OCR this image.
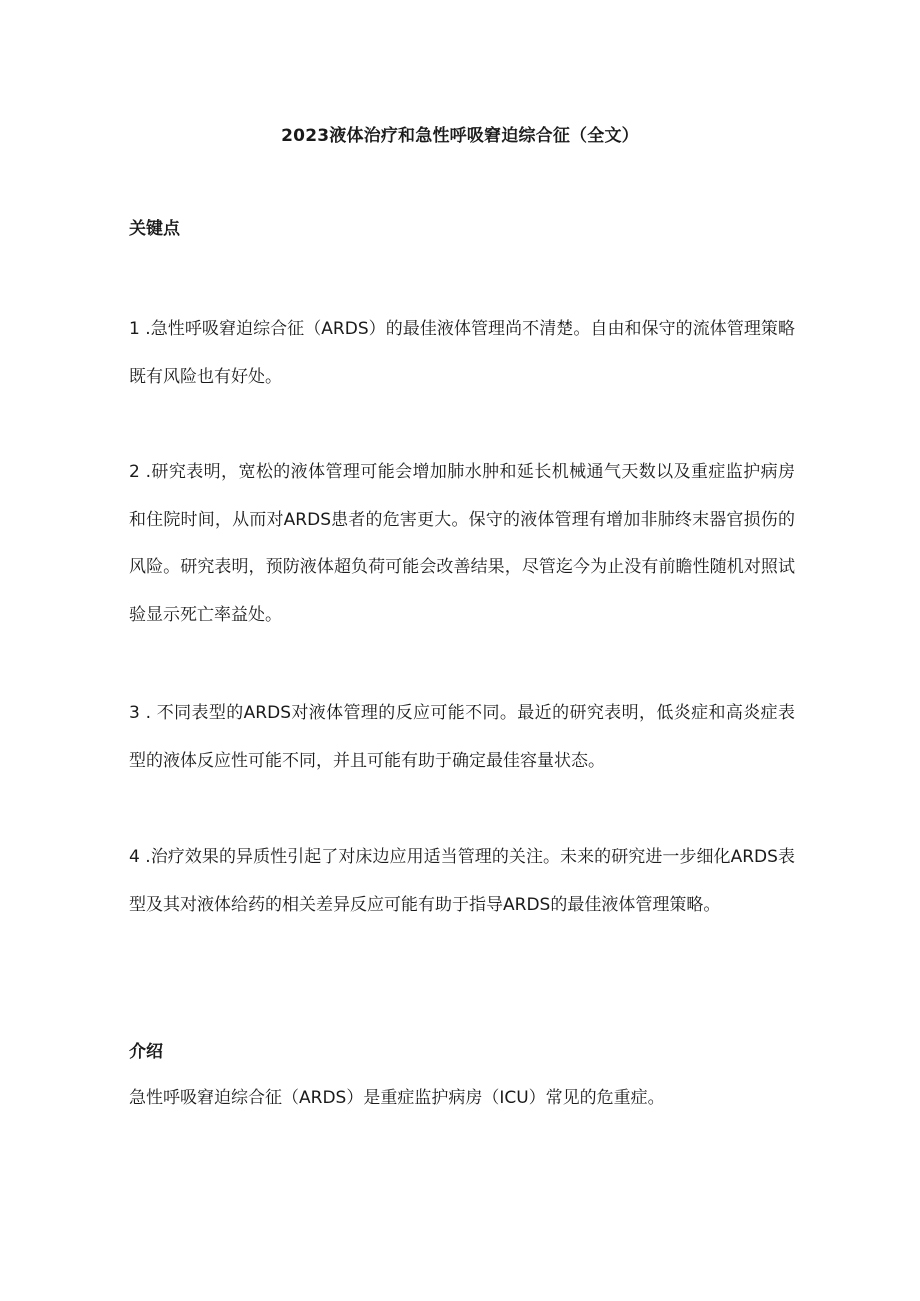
2023液体治疗和急性呼吸窘迫综合征（全文）
关键点

1 .急性呼吸窘迫综合征（ARDS）的最佳液体管理尚不清楚。自由和保守的流体管理策略既有风险也有好处。

2 .研究表明，宽松的液体管理可能会增加肺水肿和延长机械通气天数以及重症监护病房和住院时间，从而对ARDS患者的危害更大。保守的液体管理有增加非肺终末器官损伤的风险。研究表明，预防液体超负荷可能会改善结果，尽管迄今为止没有前瞻性随机对照试验显示死亡率益处。

3 . 不同表型的ARDS对液体管理的反应可能不同。最近的研究表明，低炎症和高炎症表型的液体反应性可能不同，并且可能有助于确定最佳容量状态。

4 .治疗效果的异质性引起了对床边应用适当管理的关注。未来的研究进一步细化ARDS表型及其对液体给药的相关差异反应可能有助于指导ARDS的最佳液体管理策略。

介绍

急性呼吸窘迫综合征（ARDS）是重症监护病房（ICU）常见的危重症。
